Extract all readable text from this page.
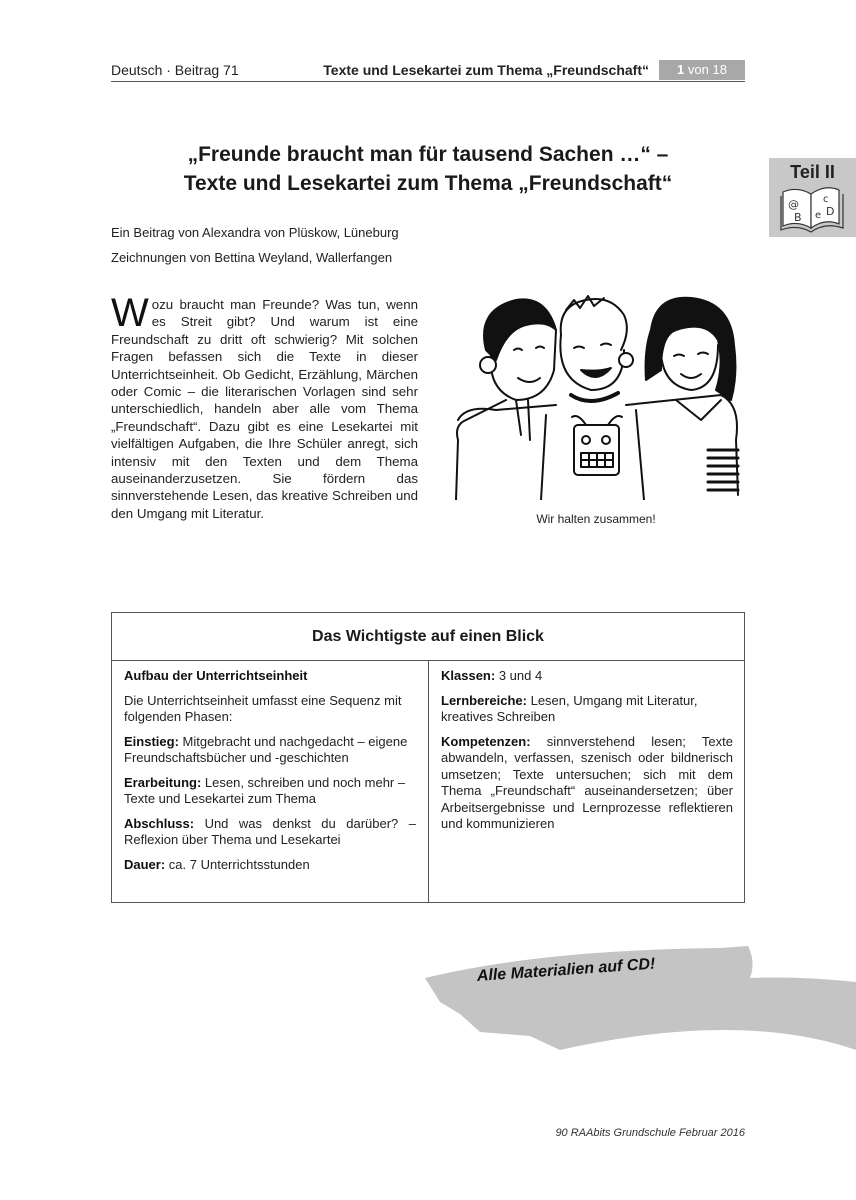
Deutsch · Beitrag 71	Texte und Lesekartei zum Thema „Freundschaft“	1 von 18
Teil II
@
B
c
e D
„Freunde braucht man für tausend Sachen …“ –
Texte und Lesekartei zum Thema „Freundschaft“
Ein Beitrag von Alexandra von Plüskow, Lüneburg
Zeichnungen von Bettina Weyland, Wallerfangen
Wozu braucht man Freunde? Was tun, wenn es Streit gibt? Und warum ist eine Freundschaft zu dritt oft schwierig? Mit solchen Fragen befassen sich die Texte in dieser Unterrichtseinheit. Ob Gedicht, Erzählung, Märchen oder Comic – die literarischen Vorlagen sind sehr unterschiedlich, handeln aber alle vom Thema „Freundschaft“. Dazu gibt es eine Lesekartei mit vielfältigen Aufgaben, die Ihre Schüler anregt, sich intensiv mit den Texten und dem Thema auseinanderzusetzen. Sie fördern das sinnverstehende Lesen, das kreative Schreiben und den Umgang mit Literatur.	Wir halten zusammen!
Das Wichtigste auf einen Blick

Aufbau der Unterrichtseinheit

Die Unterrichtseinheit umfasst eine Sequenz mit folgenden Phasen:

Einstieg: Mitgebracht und nachgedacht – eigene Freundschaftsbücher und -geschichten

Erarbeitung: Lesen, schreiben und noch mehr – Texte und Lesekartei zum Thema

Abschluss: Und was denkst du darüber? – Reflexion über Thema und Lesekartei

Dauer: ca. 7 Unterrichtsstunden

Klassen: 3 und 4

Lernbereiche: Lesen, Umgang mit Literatur, kreatives Schreiben

Kompetenzen: sinnverstehend lesen; Texte abwandeln, verfassen, szenisch oder bildnerisch umsetzen; Texte untersuchen; sich mit dem Thema „Freundschaft“ auseinandersetzen; über Arbeitsergebnisse und Lernprozesse reflektieren und kommunizieren

Alle Materialien auf CD!
90 RAAbits Grundschule Februar 2016
